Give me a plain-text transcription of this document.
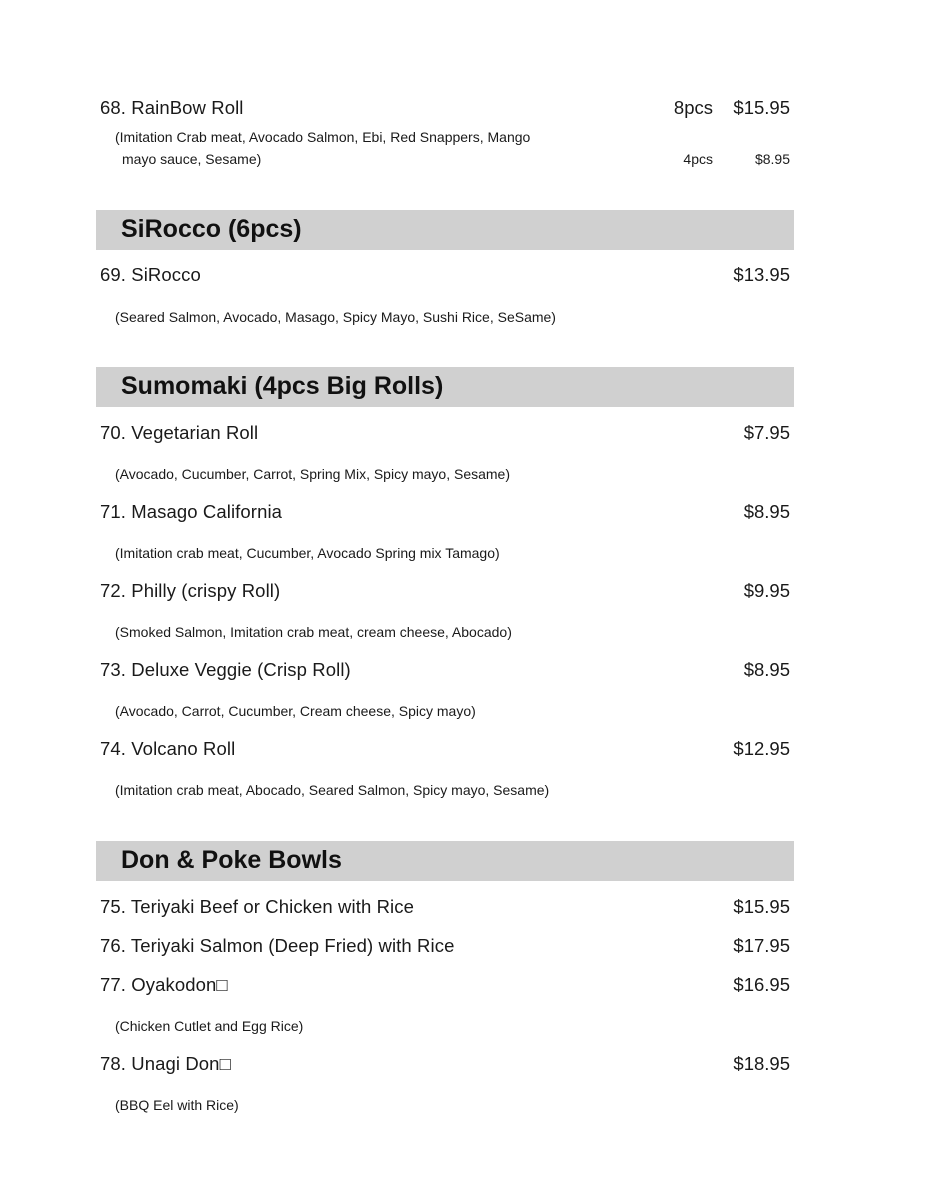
68. RainBow Roll	8pcs $15.95
(Imitation Crab meat, Avocado Salmon, Ebi, Red Snappers, Mango
mayo sauce, Sesame)	4pcs	$8.95
SiRocco (6pcs)
69. SiRocco	$13.95
(Seared Salmon, Avocado, Masago, Spicy Mayo, Sushi Rice, SeSame)
Sumomaki (4pcs Big Rolls)
70. Vegetarian Roll	$7.95
(Avocado, Cucumber, Carrot, Spring Mix, Spicy mayo, Sesame)
71. Masago California	$8.95
(Imitation crab meat, Cucumber, Avocado Spring mix Tamago)
72. Philly (crispy Roll)	$9.95
(Smoked Salmon, Imitation crab meat, cream cheese, Abocado)
73. Deluxe Veggie (Crisp Roll)	$8.95
(Avocado, Carrot, Cucumber, Cream cheese, Spicy mayo)
74. Volcano Roll	$12.95
(Imitation crab meat, Abocado, Seared Salmon, Spicy mayo, Sesame)
Don & Poke Bowls
75. Teriyaki Beef or Chicken with Rice	$15.95
76. Teriyaki Salmon (Deep Fried) with Rice	$17.95
77. Oyakodon□	$16.95
(Chicken Cutlet and Egg Rice)
78. Unagi Don□	$18.95
(BBQ Eel with Rice)
